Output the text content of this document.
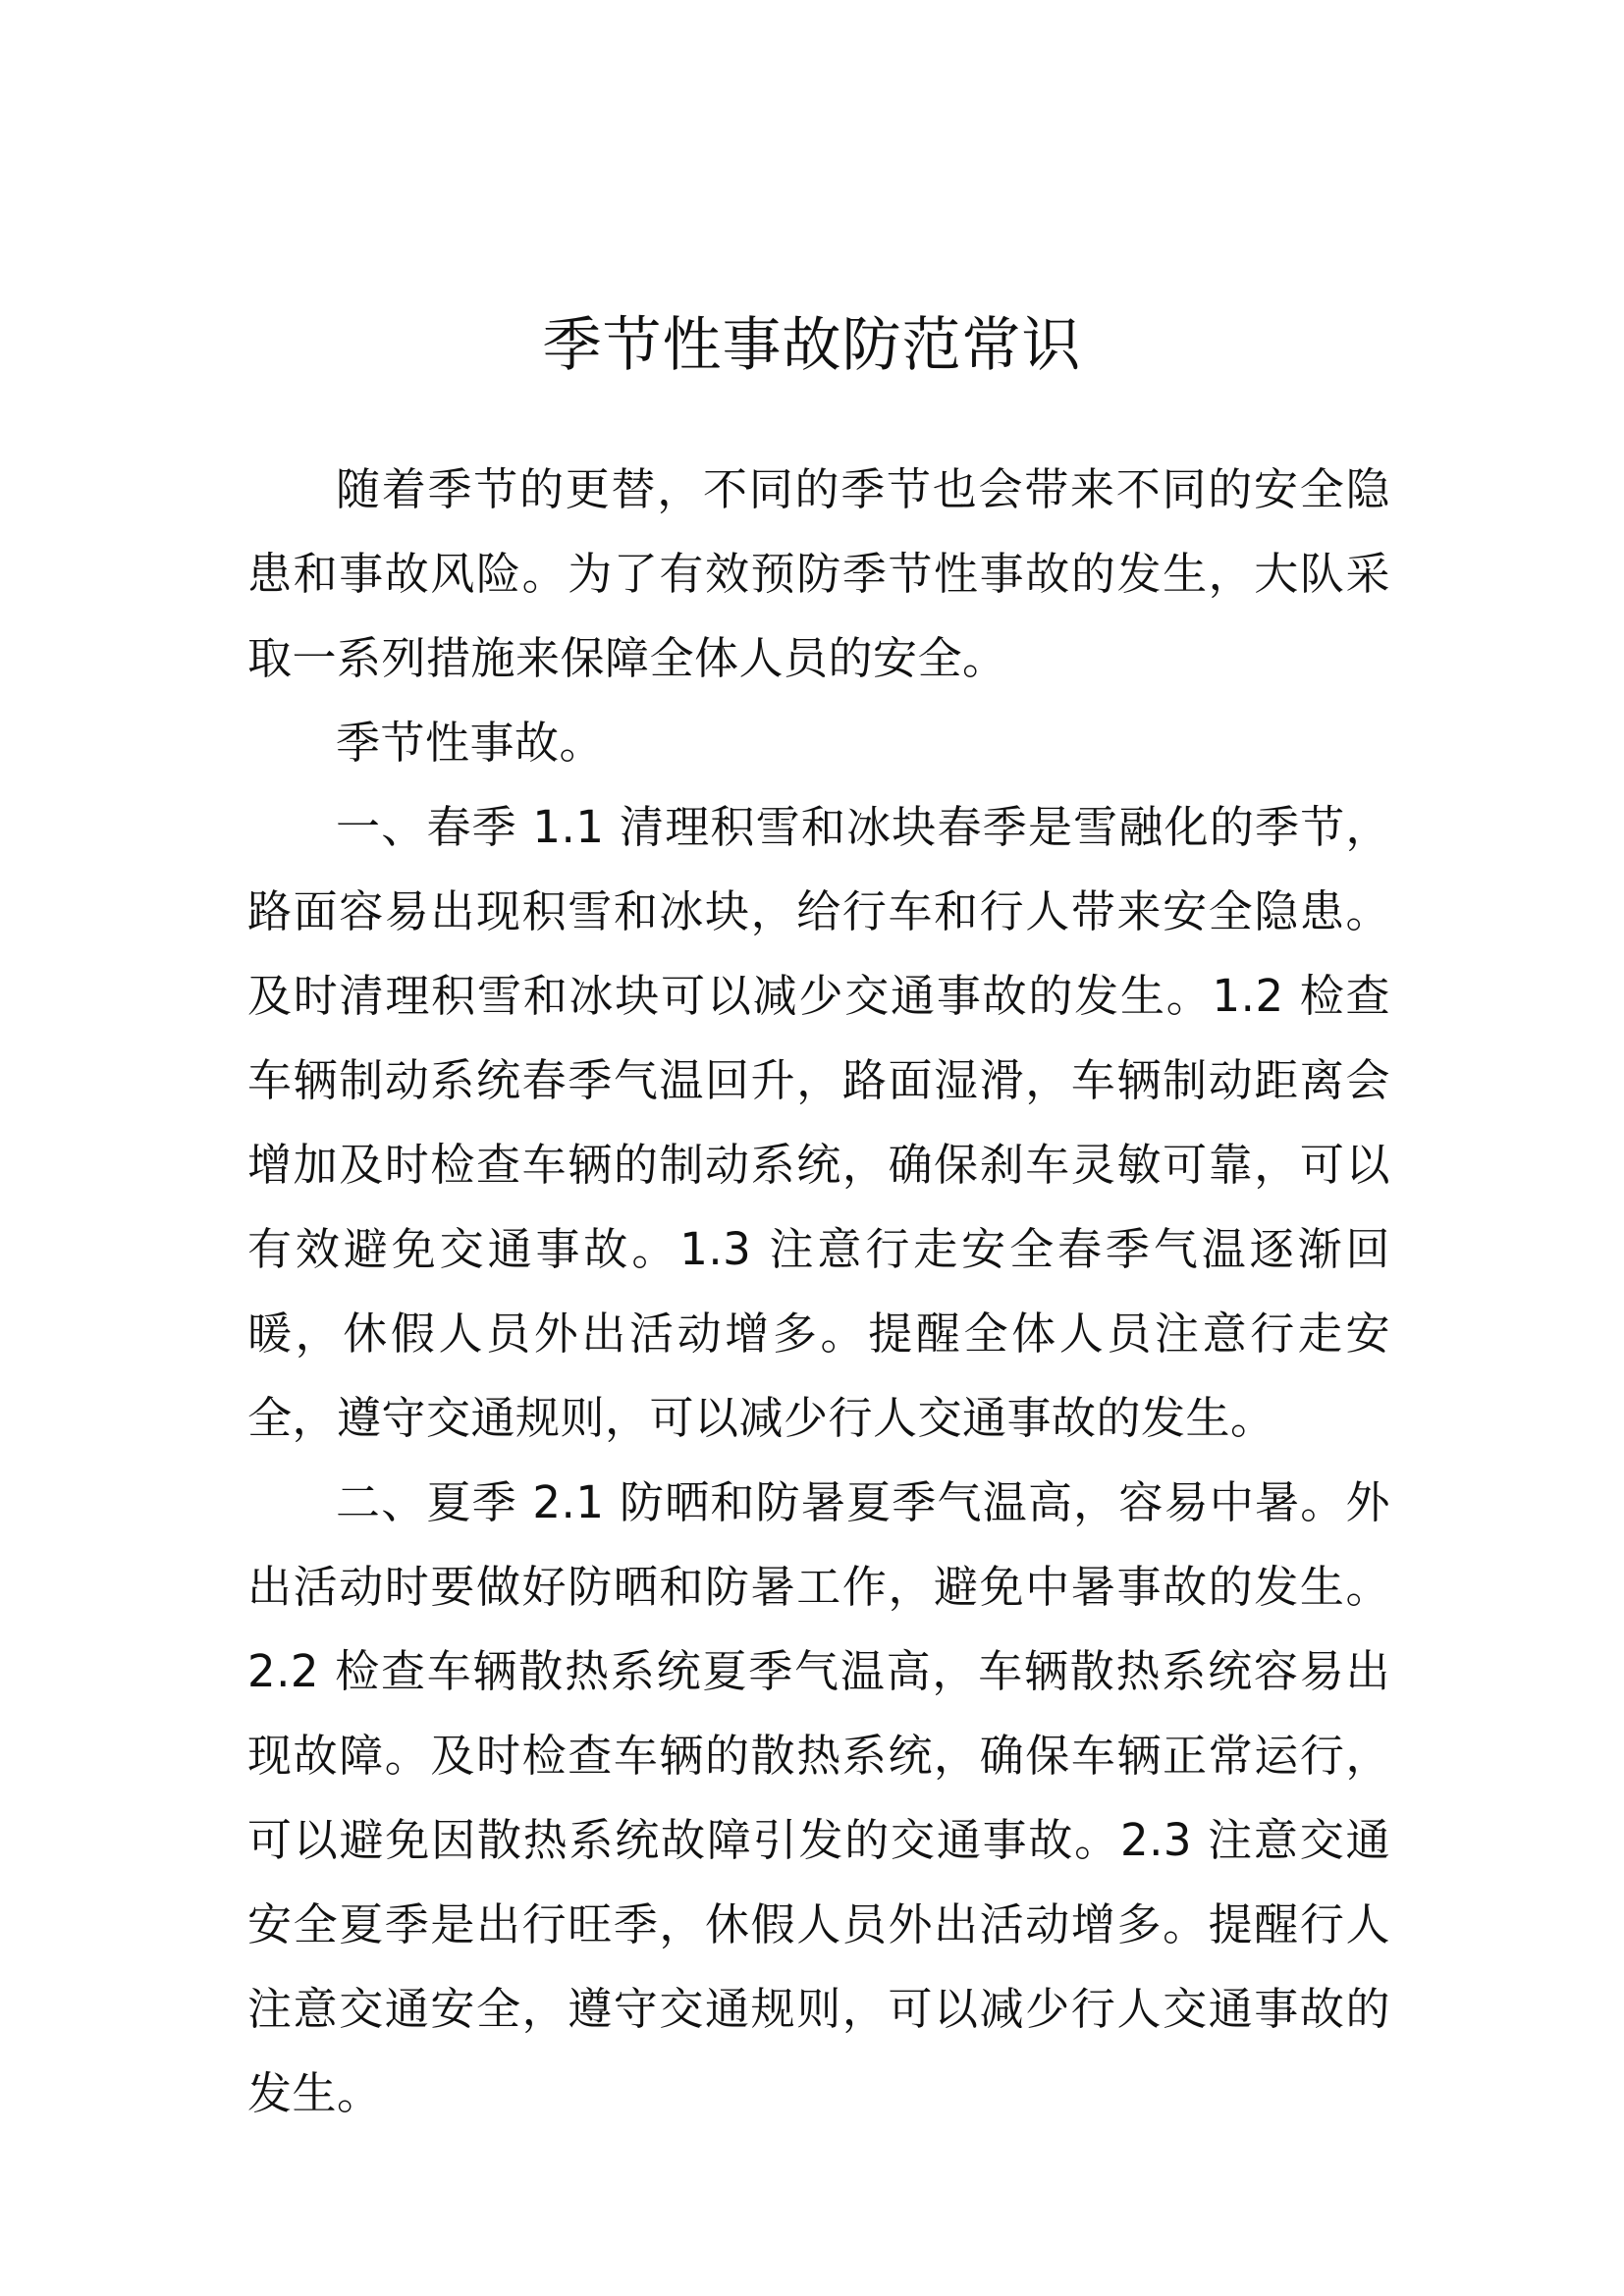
季节性事故防范常识

随着季节的更替，不同的季节也会带来不同的安全隐患和事故风险。为了有效预防季节性事故的发生，大队采取一系列措施来保障全体人员的安全。

季节性事故。

一、春季 1.1 清理积雪和冰块春季是雪融化的季节，路面容易出现积雪和冰块，给行车和行人带来安全隐患。及时清理积雪和冰块可以减少交通事故的发生。1.2 检查车辆制动系统春季气温回升，路面湿滑，车辆制动距离会增加及时检查车辆的制动系统，确保刹车灵敏可靠，可以有效避免交通事故。1.3 注意行走安全春季气温逐渐回暖，休假人员外出活动增多。提醒全体人员注意行走安全，遵守交通规则，可以减少行人交通事故的发生。

二、夏季 2.1 防晒和防暑夏季气温高，容易中暑。外出活动时要做好防晒和防暑工作，避免中暑事故的发生。2.2 检查车辆散热系统夏季气温高，车辆散热系统容易出现故障。及时检查车辆的散热系统，确保车辆正常运行，可以避免因散热系统故障引发的交通事故。2.3 注意交通安全夏季是出行旺季，休假人员外出活动增多。提醒行人注意交通安全，遵守交通规则，可以减少行人交通事故的发生。
